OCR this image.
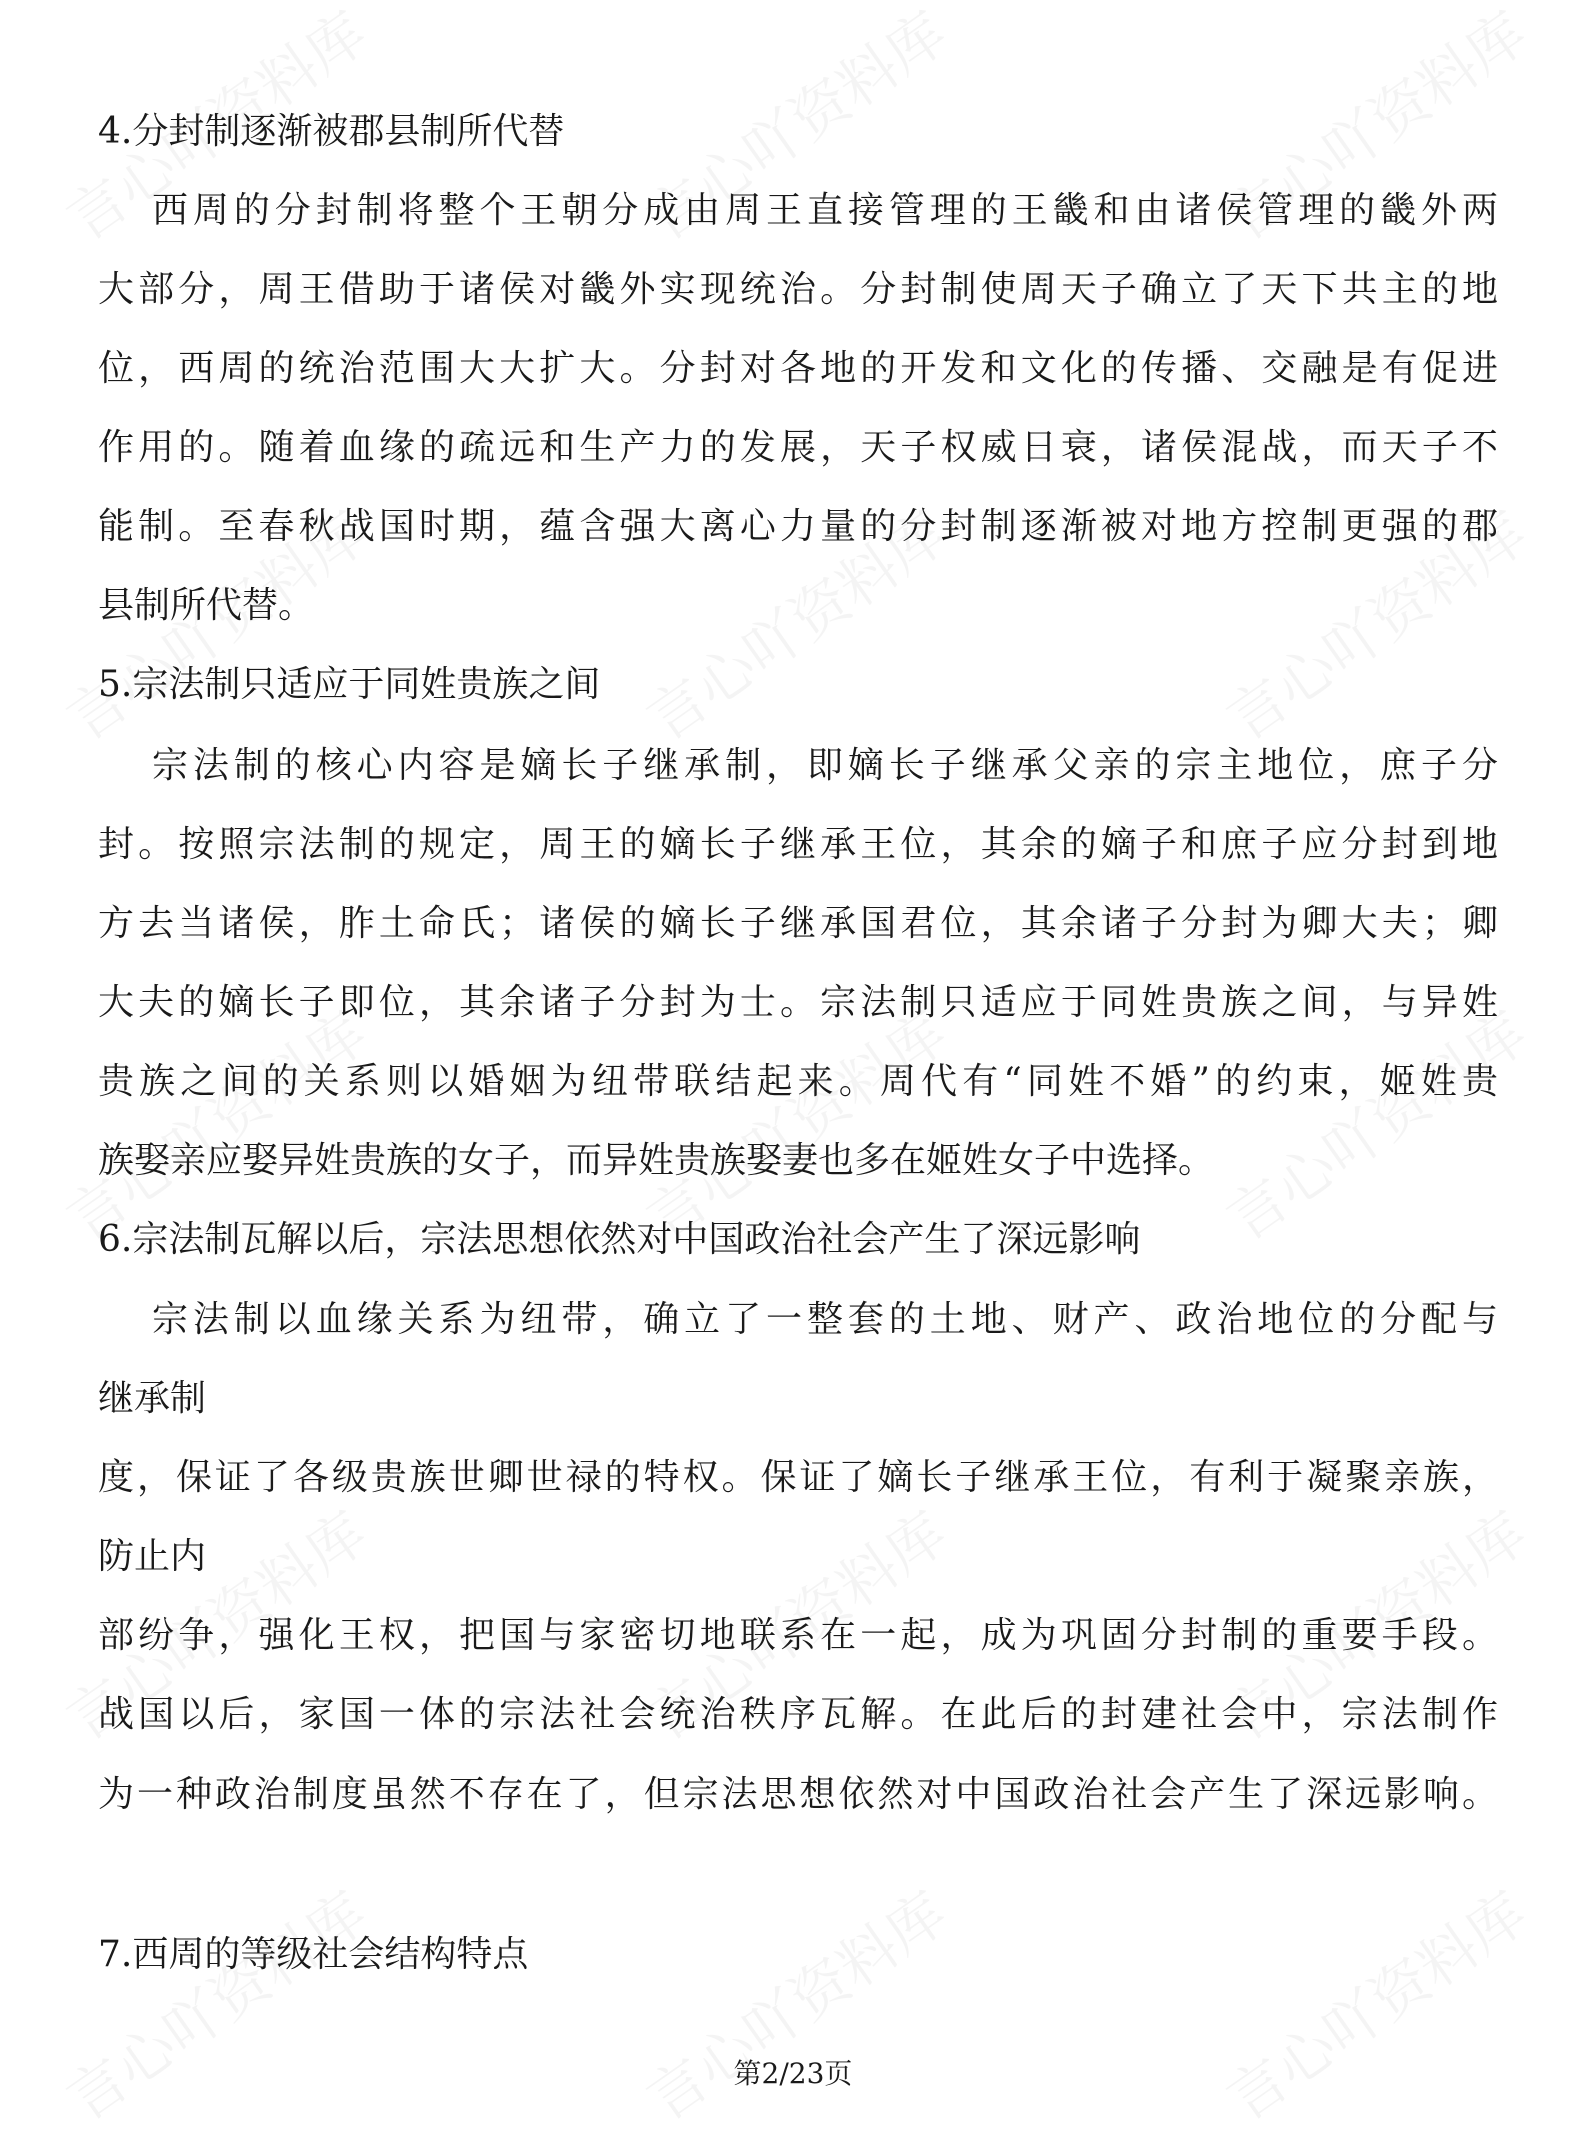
4.分封制逐渐被郡县制所代替
西周的分封制将整个王朝分成由周王直接管理的王畿和由诸侯管理的畿外两
大部分，周王借助于诸侯对畿外实现统治。分封制使周天子确立了天下共主的地
位，西周的统治范围大大扩大。分封对各地的开发和文化的传播、交融是有促进
作用的。随着血缘的疏远和生产力的发展，天子权威日衰，诸侯混战，而天子不
能制。至春秋战国时期，蕴含强大离心力量的分封制逐渐被对地方控制更强的郡
县制所代替。
5.宗法制只适应于同姓贵族之间
宗法制的核心内容是嫡长子继承制，即嫡长子继承父亲的宗主地位，庶子分
封。按照宗法制的规定，周王的嫡长子继承王位，其余的嫡子和庶子应分封到地
方去当诸侯，胙土命氏；诸侯的嫡长子继承国君位，其余诸子分封为卿大夫；卿
大夫的嫡长子即位，其余诸子分封为士。宗法制只适应于同姓贵族之间，与异姓
贵族之间的关系则以婚姻为纽带联结起来。周代有“同姓不婚”的约束，姬姓贵
族娶亲应娶异姓贵族的女子，而异姓贵族娶妻也多在姬姓女子中选择。
6.宗法制瓦解以后，宗法思想依然对中国政治社会产生了深远影响
宗法制以血缘关系为纽带，确立了一整套的土地、财产、政治地位的分配与
继承制
度，保证了各级贵族世卿世禄的特权。保证了嫡长子继承王位，有利于凝聚亲族，
防止内
部纷争，强化王权，把国与家密切地联系在一起，成为巩固分封制的重要手段。
战国以后，家国一体的宗法社会统治秩序瓦解。在此后的封建社会中，宗法制作
为一种政治制度虽然不存在了，但宗法思想依然对中国政治社会产生了深远影响。
7.西周的等级社会结构特点
第2/23页
